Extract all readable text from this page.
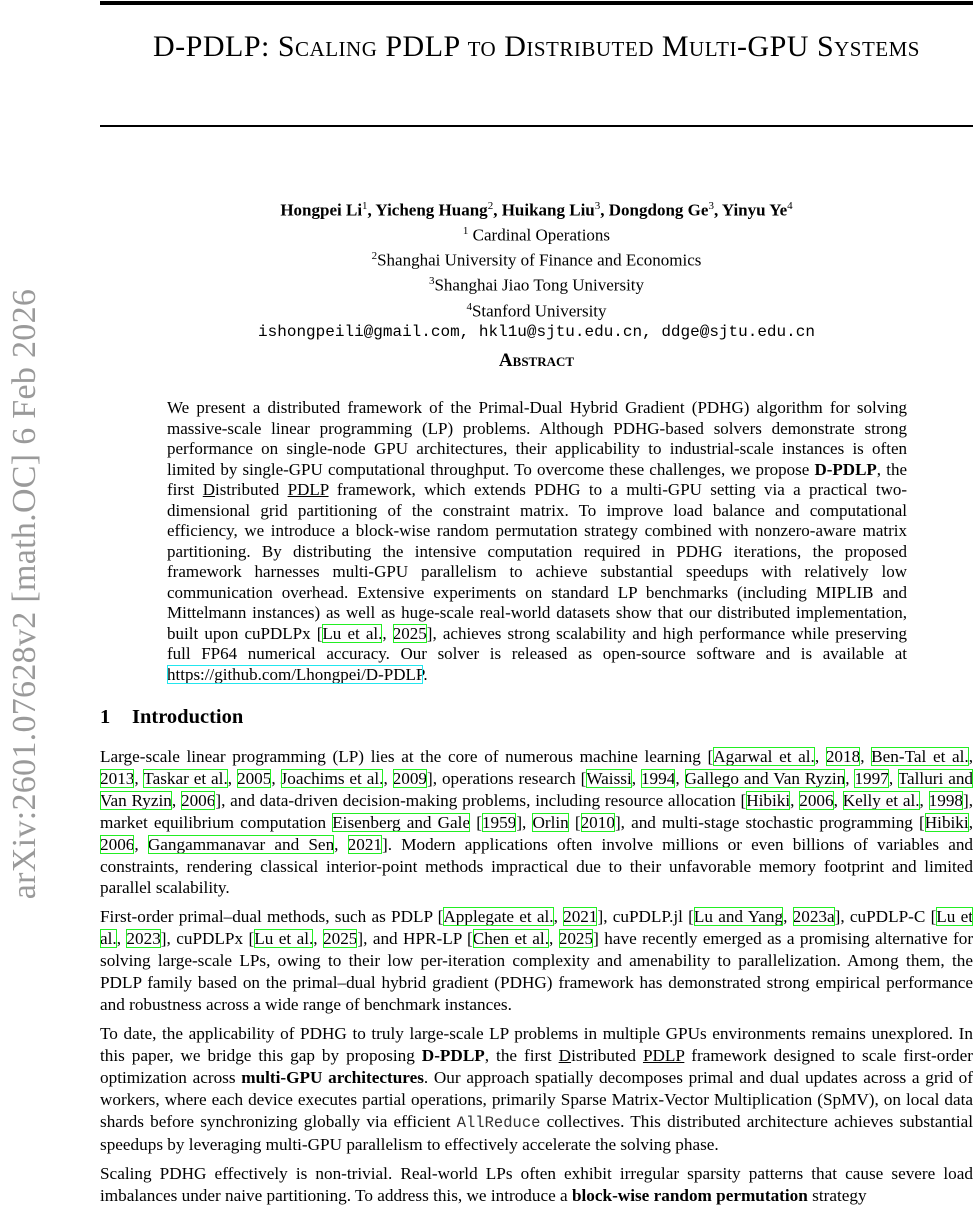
arXiv:2601.07628v2 [math.OC] 6 Feb 2026
D-PDLP: Scaling PDLP to Distributed Multi-GPU Systems
Hongpei Li$^1$, Yicheng Huang$^2$, Huikang Liu$^3$, Dongdong Ge$^3$, Yinyu Ye$^4$
$^1$ Cardinal Operations
$^2$Shanghai University of Finance and Economics
$^3$Shanghai Jiao Tong University
$^4$Stanford University
ishongpeili@gmail.com, hkl1u@sjtu.edu.cn, ddge@sjtu.edu.cn
Abstract

We present a distributed framework of the Primal-Dual Hybrid Gradient (PDHG) algorithm for solving massive-scale linear programming (LP) problems. Although PDHG-based solvers demonstrate strong performance on single-node GPU architectures, their applicability to industrial-scale instances is often limited by single-GPU computational throughput. To overcome these challenges, we propose D-PDLP, the first Distributed PDLP framework, which extends PDHG to a multi-GPU setting via a practical two-dimensional grid partitioning of the constraint matrix. To improve load balance and computational efficiency, we introduce a block-wise random permutation strategy combined with nonzero-aware matrix partitioning. By distributing the intensive computation required in PDHG iterations, the proposed framework harnesses multi-GPU parallelism to achieve substantial speedups with relatively low communication overhead. Extensive experiments on standard LP benchmarks (including MIPLIB and Mittelmann instances) as well as huge-scale real-world datasets show that our distributed implementation, built upon cuPDLPx [Lu et al., 2025], achieves strong scalability and high performance while preserving full FP64 numerical accuracy. Our solver is released as open-source software and is available at https://github.com/Lhongpei/D-PDLP.

1 Introduction

Large-scale linear programming (LP) lies at the core of numerous machine learning [Agarwal et al., 2018, Ben-Tal et al., 2013, Taskar et al., 2005, Joachims et al., 2009], operations research [Waissi, 1994, Gallego and Van Ryzin, 1997, Talluri and Van Ryzin, 2006], and data-driven decision-making problems, including resource allocation [Hibiki, 2006, Kelly et al., 1998], market equilibrium computation Eisenberg and Gale [1959], Orlin [2010], and multi-stage stochastic programming [Hibiki, 2006, Gangammanavar and Sen, 2021]. Modern applications often involve millions or even billions of variables and constraints, rendering classical interior-point methods impractical due to their unfavorable memory footprint and limited parallel scalability.

First-order primal–dual methods, such as PDLP [Applegate et al., 2021], cuPDLP.jl [Lu and Yang, 2023a], cuPDLP-C [Lu et al., 2023], cuPDLPx [Lu et al., 2025], and HPR-LP [Chen et al., 2025] have recently emerged as a promising alternative for solving large-scale LPs, owing to their low per-iteration complexity and amenability to parallelization. Among them, the PDLP family based on the primal–dual hybrid gradient (PDHG) framework has demonstrated strong empirical performance and robustness across a wide range of benchmark instances.

To date, the applicability of PDHG to truly large-scale LP problems in multiple GPUs environments remains unexplored. In this paper, we bridge this gap by proposing D-PDLP, the first Distributed PDLP framework designed to scale first-order optimization across multi-GPU architectures. Our approach spatially decomposes primal and dual updates across a grid of workers, where each device executes partial operations, primarily Sparse Matrix-Vector Multiplication (SpMV), on local data shards before synchronizing globally via efficient AllReduce collectives. This distributed architecture achieves substantial speedups by leveraging multi-GPU parallelism to effectively accelerate the solving phase.

Scaling PDHG effectively is non-trivial. Real-world LPs often exhibit irregular sparsity patterns that cause severe load imbalances under naive partitioning. To address this, we introduce a block-wise random permutation strategy
